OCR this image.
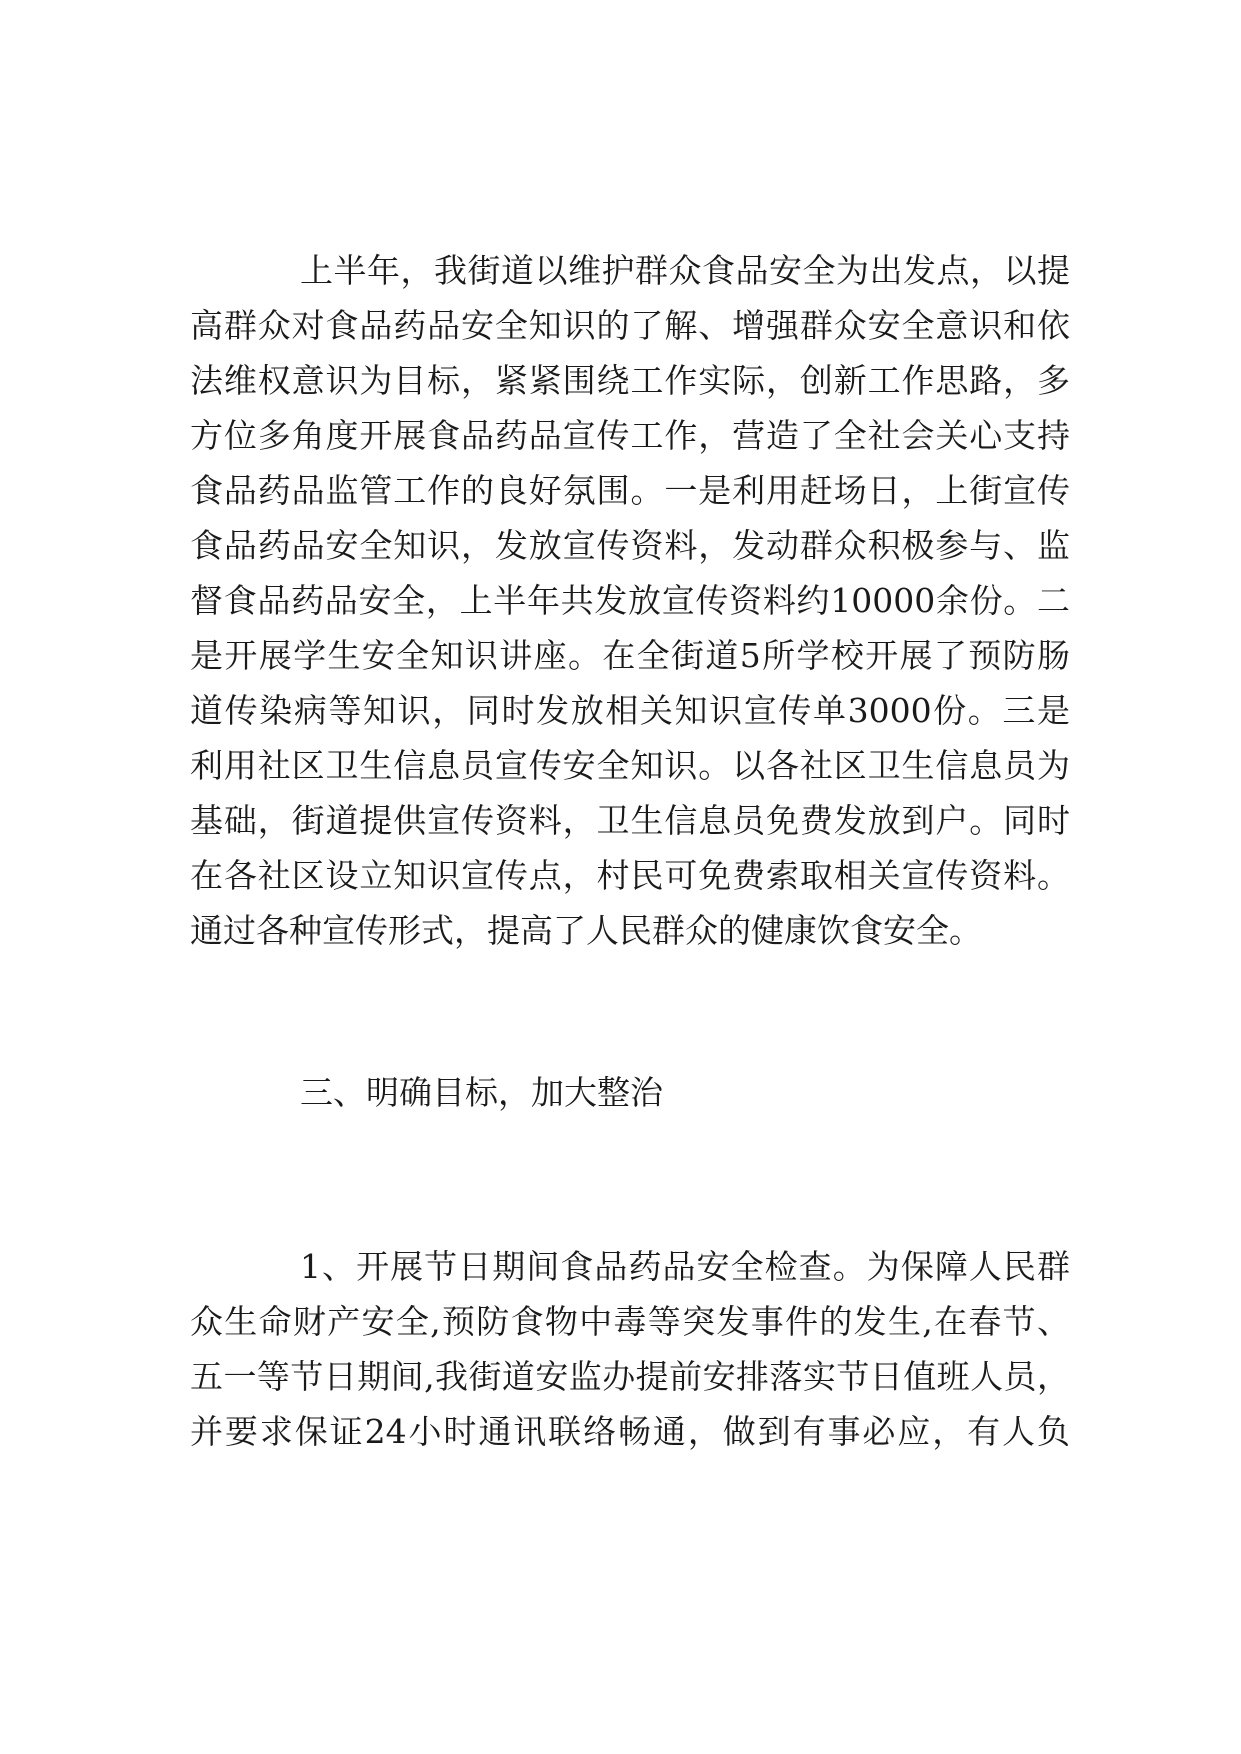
上半年，我街道以维护群众食品安全为出发点，以提
高群众对食品药品安全知识的了解、增强群众安全意识和依
法维权意识为目标，紧紧围绕工作实际，创新工作思路，多
方位多角度开展食品药品宣传工作，营造了全社会关心支持
食品药品监管工作的良好氛围。一是利用赶场日，上街宣传
食品药品安全知识，发放宣传资料，发动群众积极参与、监
督食品药品安全，上半年共发放宣传资料约10000余份。二
是开展学生安全知识讲座。在全街道5所学校开展了预防肠
道传染病等知识，同时发放相关知识宣传单3000份。三是
利用社区卫生信息员宣传安全知识。以各社区卫生信息员为
基础，街道提供宣传资料，卫生信息员免费发放到户。同时
在各社区设立知识宣传点，村民可免费索取相关宣传资料。
通过各种宣传形式，提高了人民群众的健康饮食安全。
三、明确目标，加大整治
1、开展节日期间食品药品安全检查。为保障人民群
众生命财产安全,预防食物中毒等突发事件的发生,在春节、
五一等节日期间,我街道安监办提前安排落实节日值班人员，
并要求保证24小时通讯联络畅通，做到有事必应，有人负
